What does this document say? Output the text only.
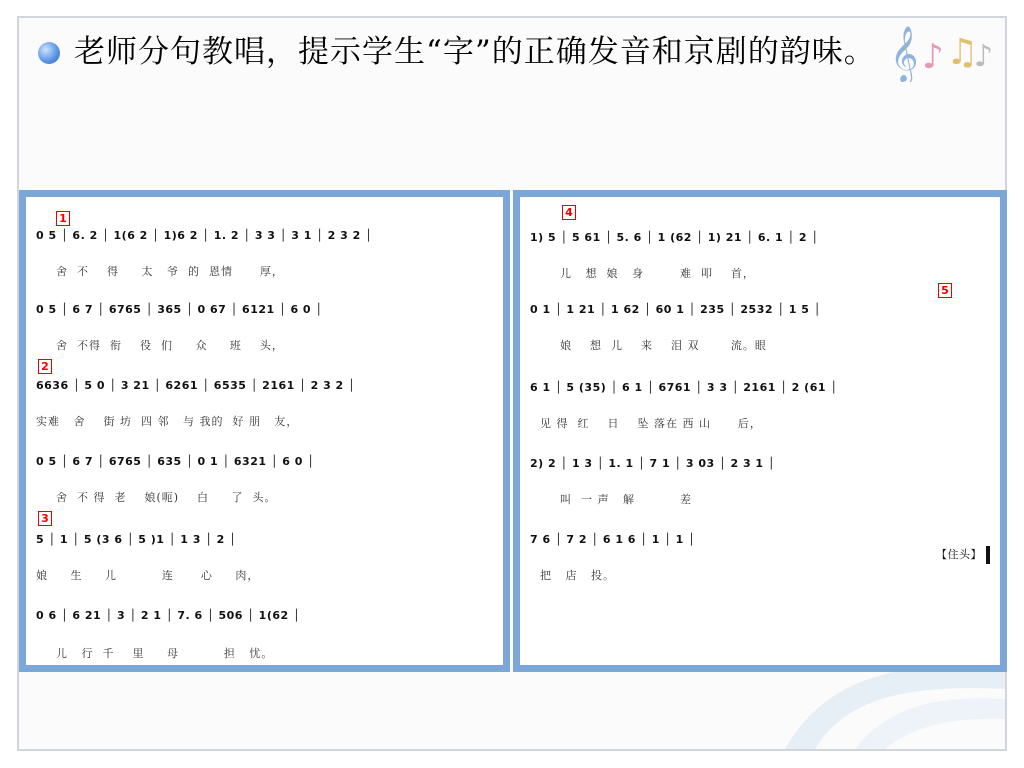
老师分句教唱，提示学生“字”的正确发音和京剧的韵味。 𝄞 ♪ ♫
♪
1
0 5 │ 6. 2 │ 1(6 2 │ 1)6 2 │ 1. 2 │ 3 3 │ 3 1 │ 2 3 2 │
舍  不    得     太   爷  的  恩情      厚，
0 5 │ 6 7 │ 6765 │ 365 │ 0 67 │ 6121 │ 6 0 │
舍  不得  衔    役  们     众     班    头，
2
6636 │ 5 0 │ 3 21 │ 6261 │ 6535 │ 2161 │ 2 3 2 │
实难   舍    街 坊  四 邻   与 我的  好 朋   友，
0 5 │ 6 7 │ 6765 │ 635 │ 0 1 │ 6321 │ 6 0 │
舍  不 得  老    娘(呃)    白     了  头。
3
5 │ 1 │ 5 (3 6 │ 5 )1 │ 1 3 │ 2 │
娘     生     儿          连      心     肉，
0 6 │ 6 21 │ 3 │ 2 1 │ 7. 6 │ 506 │ 1(62 │
儿   行  千    里     母          担   忧。
4
1) 5 │ 5 61 │ 5. 6 │ 1 (62 │ 1) 21 │ 6. 1 │ 2 │
儿   想  娘   身        难  叩    首，
5
0 1 │ 1 21 │ 1 62 │ 60 1 │ 235 │ 2532 │ 1 5 │
娘    想  儿    来    泪 双       流。眼
6 1 │ 5 (35) │ 6 1 │ 6761 │ 3 3 │ 2161 │ 2 (61 │
见 得  红    日    坠 落在 西 山      后，
2) 2 │ 1 3 │ 1. 1 │ 7 1 │ 3 03 │ 2 3 1 │
叫  一 声   解          差
7 6 │ 7 2 │ 6 1 6 │ 1 │ 1 │

【住头】

把   店   投。
